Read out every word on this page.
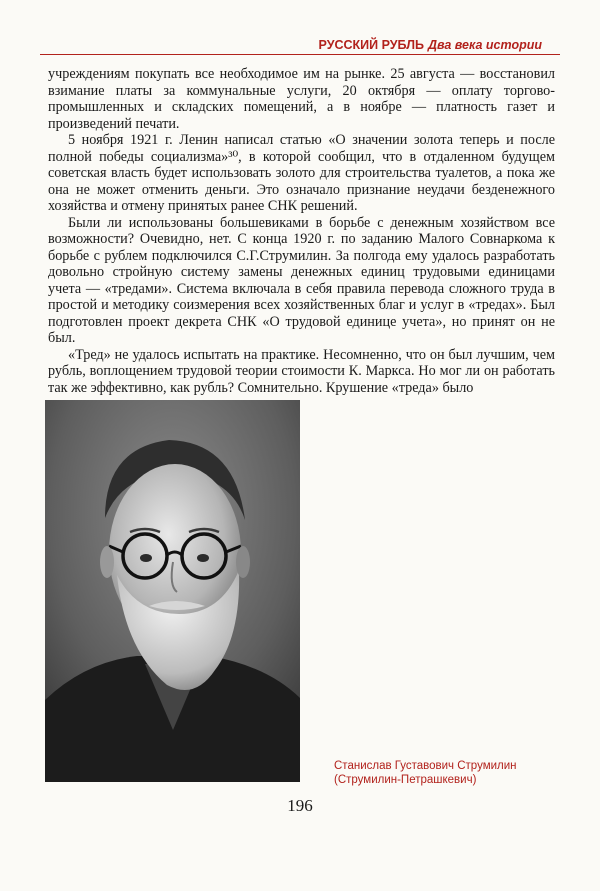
РУССКИЙ РУБЛЬ Два века истории

учреждениям покупать все необходимое им на рынке. 25 августа — восстановил взимание платы за коммунальные услуги, 20 октября — оплату торгово-промышленных и складских помещений, а в ноябре — платность газет и произведений печати.

5 ноября 1921 г. Ленин написал статью «О значении золота теперь и после полной победы социализма»³⁰, в которой сообщил, что в отдаленном будущем советская власть будет использовать золото для строительства туалетов, а пока же она не может отменить деньги. Это означало признание неудачи безденежного хозяйства и отмену принятых ранее СНК решений.

Были ли использованы большевиками в борьбе с денежным хозяйством все возможности? Очевидно, нет. С конца 1920 г. по заданию Малого Совнаркома к борьбе с рублем подключился С.Г.Струмилин. За полгода ему удалось разработать довольно стройную систему замены денежных единиц трудовыми единицами учета — «тредами». Система включала в себя правила перевода сложного труда в простой и методику соизмерения всех хозяйственных благ и услуг в «тредах». Был подготовлен проект декрета СНК «О трудовой единице учета», но принят он не был.

«Тред» не удалось испытать на практике. Несомненно, что он был лучшим, чем рубль, воплощением трудовой теории стоимости К. Маркса. Но мог ли он работать так же эффективно, как рубль? Сомнительно. Крушение «треда» было

Станислав Густавович Струмилин
(Струмилин-Петрашкевич)
196
